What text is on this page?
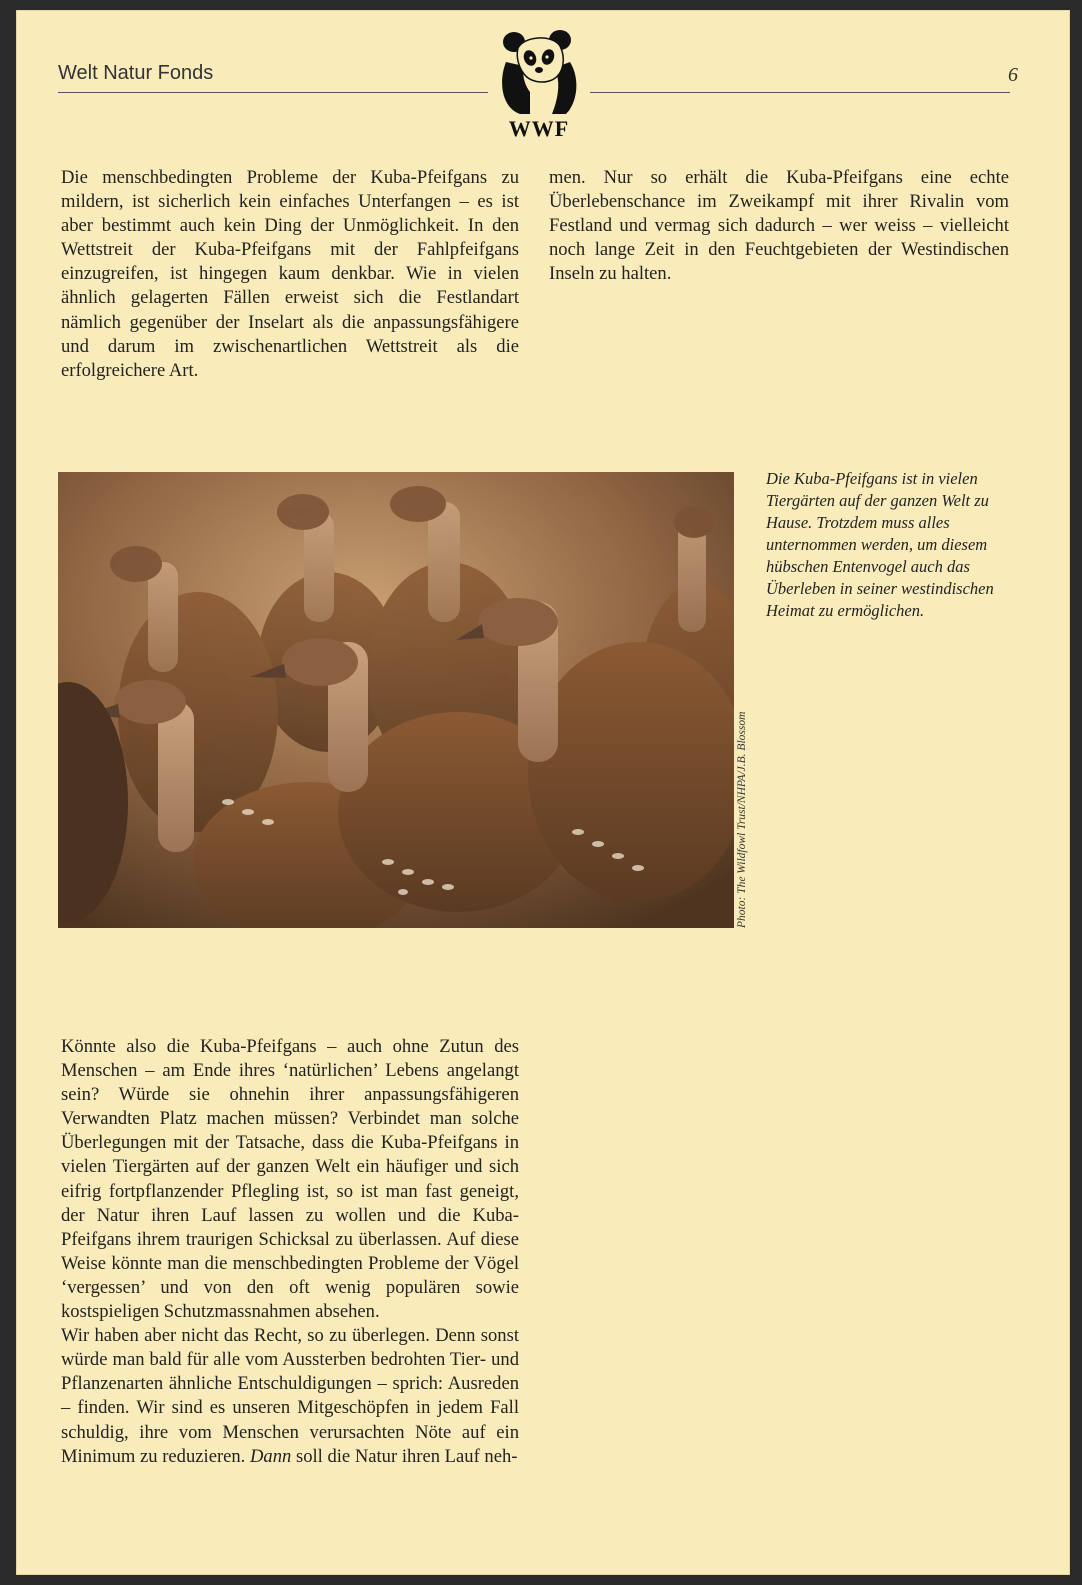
Welt Natur Fonds	6
c
WWF

Die menschbedingten Probleme der Kuba-Pfeifgans zu mildern, ist sicherlich kein einfaches Unterfangen – es ist aber bestimmt auch kein Ding der Unmöglichkeit. In den Wettstreit der Kuba-Pfeifgans mit der Fahlpfeifgans einzugreifen, ist hingegen kaum denkbar. Wie in vielen ähnlich gelagerten Fällen erweist sich die Festlandart nämlich gegenüber der Inselart als die anpassungsfähigere und darum im zwischenartlichen Wettstreit als die erfolgreichere Art.

men. Nur so erhält die Kuba-Pfeifgans eine echte Überlebenschance im Zweikampf mit ihrer Rivalin vom Festland und vermag sich dadurch – wer weiss – vielleicht noch lange Zeit in den Feuchtgebieten der Westindischen Inseln zu halten.

Photo: The Wildfowl Trust/NHPA/J.B. Blossom
Die Kuba-Pfeifgans ist in vielen Tiergärten auf der ganzen Welt zu Hause. Trotzdem muss alles unternommen werden, um diesem hübschen Entenvogel auch das Überleben in seiner westindischen Heimat zu ermöglichen.

Könnte also die Kuba-Pfeifgans – auch ohne Zutun des Menschen – am Ende ihres ‘natürlichen’ Lebens angelangt sein? Würde sie ohnehin ihrer anpassungsfähigeren Verwandten Platz machen müssen? Verbindet man solche Überlegungen mit der Tatsache, dass die Kuba-Pfeifgans in vielen Tiergärten auf der ganzen Welt ein häufiger und sich eifrig fortpflanzender Pflegling ist, so ist man fast geneigt, der Natur ihren Lauf lassen zu wollen und die Kuba-Pfeifgans ihrem traurigen Schicksal zu überlassen. Auf diese Weise könnte man die menschbedingten Probleme der Vögel ‘vergessen’ und von den oft wenig populären sowie kostspieligen Schutzmassnahmen absehen.

Wir haben aber nicht das Recht, so zu überlegen. Denn sonst würde man bald für alle vom Aussterben bedrohten Tier- und Pflanzenarten ähnliche Entschuldigungen – sprich: Ausreden – finden. Wir sind es unseren Mitgeschöpfen in jedem Fall schuldig, ihre vom Menschen verursachten Nöte auf ein Minimum zu reduzieren. Dann soll die Natur ihren Lauf neh-
